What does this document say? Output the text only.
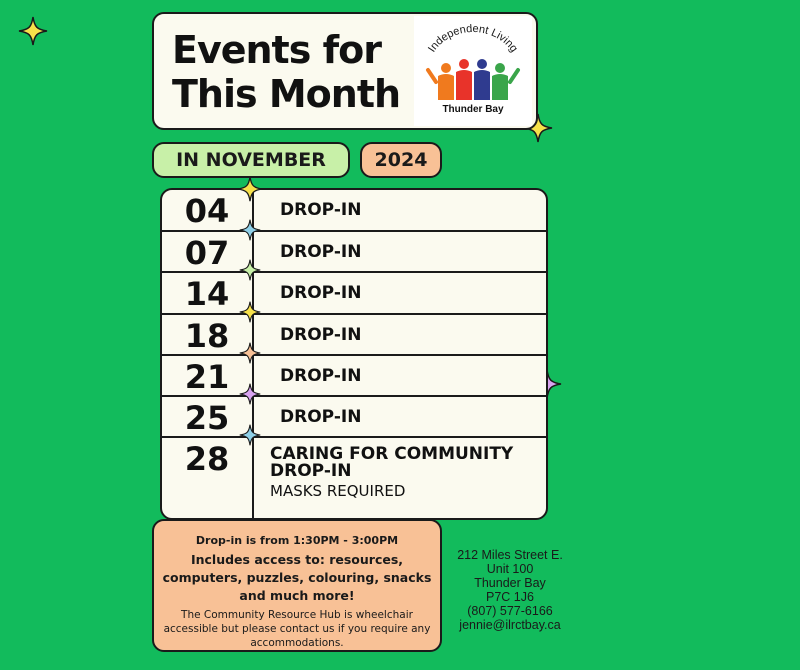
Events for
This Month
Independent Living
Thunder Bay
IN NOVEMBER	2024
04	DROP-IN
07	DROP-IN
14	DROP-IN
18	DROP-IN
21	DROP-IN
25	DROP-IN
28	CARING FOR COMMUNITY DROP-IN
MASKS REQUIRED
Drop-in is from 1:30PM - 3:00PM
Includes access to: resources, computers, puzzles, colouring, snacks and much more!
The Community Resource Hub is wheelchair accessible but please contact us if you require any accommodations.
212 Miles Street E.
Unit 100
Thunder Bay
P7C 1J6
(807) 577-6166
jennie@ilrctbay.ca
